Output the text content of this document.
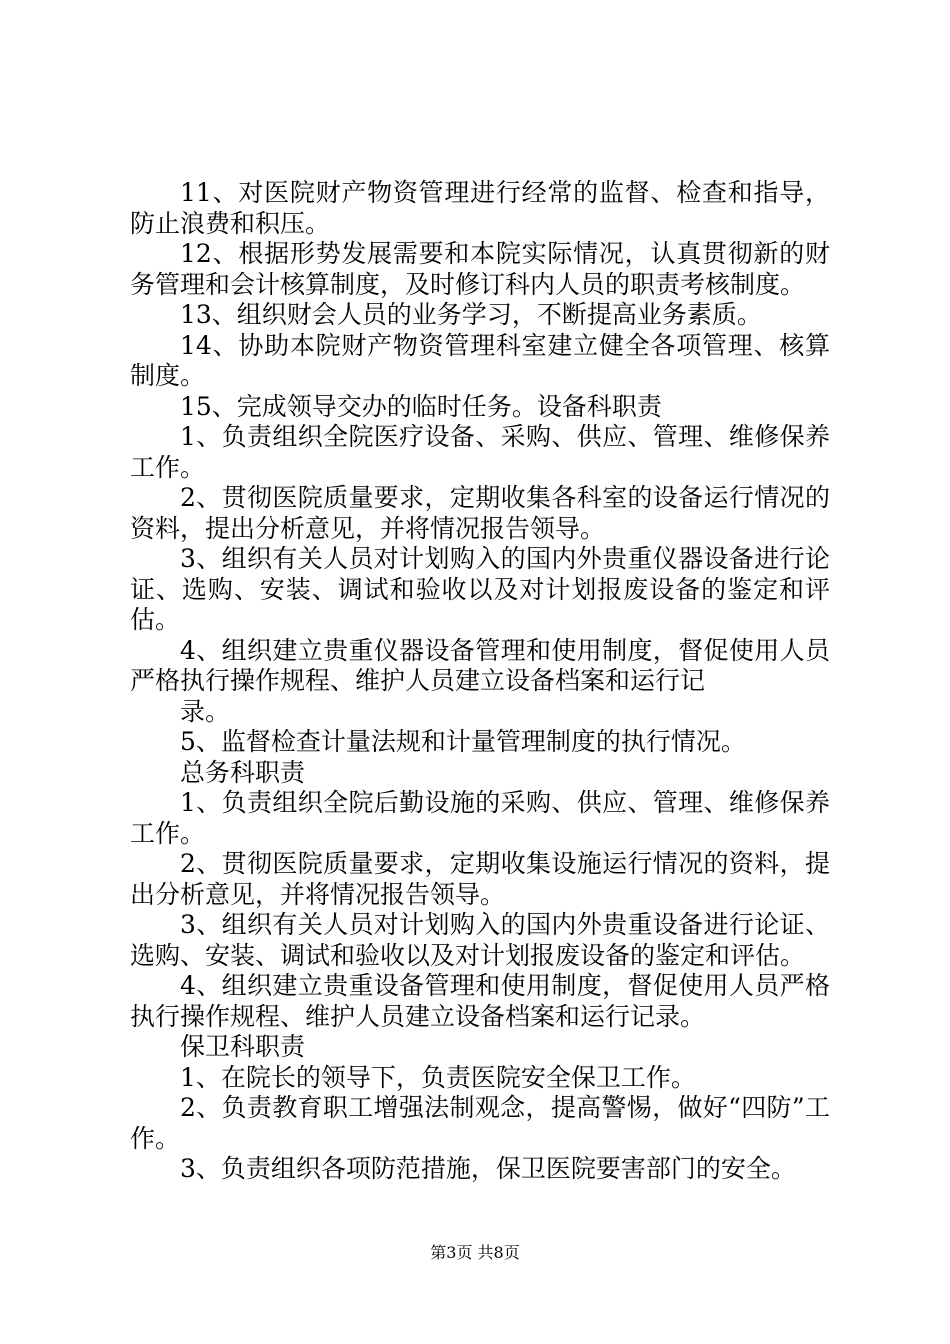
11、对医院财产物资管理进行经常的监督、检查和指导，防止浪费和积压。

12、根据形势发展需要和本院实际情况，认真贯彻新的财务管理和会计核算制度，及时修订科内人员的职责考核制度。

13、组织财会人员的业务学习，不断提高业务素质。

14、协助本院财产物资管理科室建立健全各项管理、核算制度。

15、完成领导交办的临时任务。设备科职责

1、负责组织全院医疗设备、采购、供应、管理、维修保养工作。

2、贯彻医院质量要求，定期收集各科室的设备运行情况的资料，提出分析意见，并将情况报告领导。

3、组织有关人员对计划购入的国内外贵重仪器设备进行论证、选购、安装、调试和验收以及对计划报废设备的鉴定和评估。

4、组织建立贵重仪器设备管理和使用制度，督促使用人员严格执行操作规程、维护人员建立设备档案和运行记

录。

5、监督检查计量法规和计量管理制度的执行情况。

总务科职责

1、负责组织全院后勤设施的采购、供应、管理、维修保养工作。

2、贯彻医院质量要求，定期收集设施运行情况的资料，提出分析意见，并将情况报告领导。

3、组织有关人员对计划购入的国内外贵重设备进行论证、选购、安装、调试和验收以及对计划报废设备的鉴定和评估。

4、组织建立贵重设备管理和使用制度，督促使用人员严格执行操作规程、维护人员建立设备档案和运行记录。

保卫科职责

1、在院长的领导下，负责医院安全保卫工作。

2、负责教育职工增强法制观念，提高警惕，做好“四防”工作。

3、负责组织各项防范措施，保卫医院要害部门的安全。

第3页 共8页
